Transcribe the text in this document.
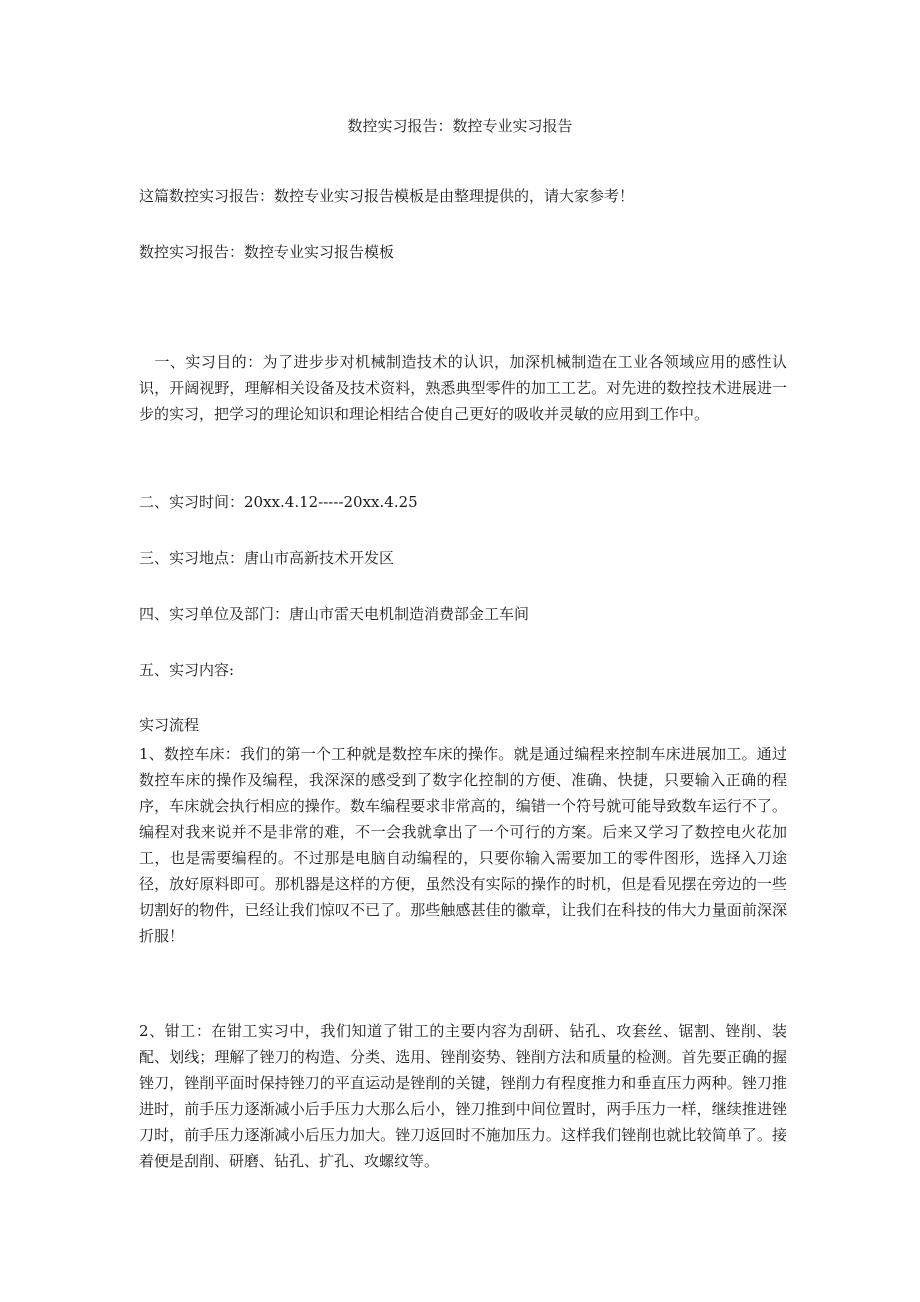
数控实习报告：数控专业实习报告
这篇数控实习报告：数控专业实习报告模板是由整理提供的，请大家参考！
数控实习报告：数控专业实习报告模板
　一、实习目的：为了进步步对机械制造技术的认识，加深机械制造在工业各领域应用的感性认识，开阔视野，理解相关设备及技术资料，熟悉典型零件的加工工艺。对先进的数控技术进展进一步的实习，把学习的理论知识和理论相结合使自己更好的吸收并灵敏的应用到工作中。
二、实习时间：20xx.4.12-----20xx.4.25
三、实习地点：唐山市高新技术开发区
四、实习单位及部门：唐山市雷天电机制造消费部金工车间
五、实习内容:
实习流程
1、数控车床：我们的第一个工种就是数控车床的操作。就是通过编程来控制车床进展加工。通过数控车床的操作及编程，我深深的感受到了数字化控制的方便、准确、快捷，只要输入正确的程序，车床就会执行相应的操作。数车编程要求非常高的，编错一个符号就可能导致数车运行不了。编程对我来说并不是非常的难，不一会我就拿出了一个可行的方案。后来又学习了数控电火花加工，也是需要编程的。不过那是电脑自动编程的，只要你输入需要加工的零件图形，选择入刀途径，放好原料即可。那机器是这样的方便，虽然没有实际的操作的时机，但是看见摆在旁边的一些切割好的物件，已经让我们惊叹不已了。那些触感甚佳的徽章，让我们在科技的伟大力量面前深深折服！
2、钳工：在钳工实习中，我们知道了钳工的主要内容为刮研、钻孔、攻套丝、锯割、锉削、装配、划线；理解了锉刀的构造、分类、选用、锉削姿势、锉削方法和质量的检测。首先要正确的握锉刀，锉削平面时保持锉刀的平直运动是锉削的关键，锉削力有程度推力和垂直压力两种。锉刀推进时，前手压力逐渐减小后手压力大那么后小，锉刀推到中间位置时，两手压力一样，继续推进锉刀时，前手压力逐渐减小后压力加大。锉刀返回时不施加压力。这样我们锉削也就比较简单了。接着便是刮削、研磨、钻孔、扩孔、攻螺纹等。
